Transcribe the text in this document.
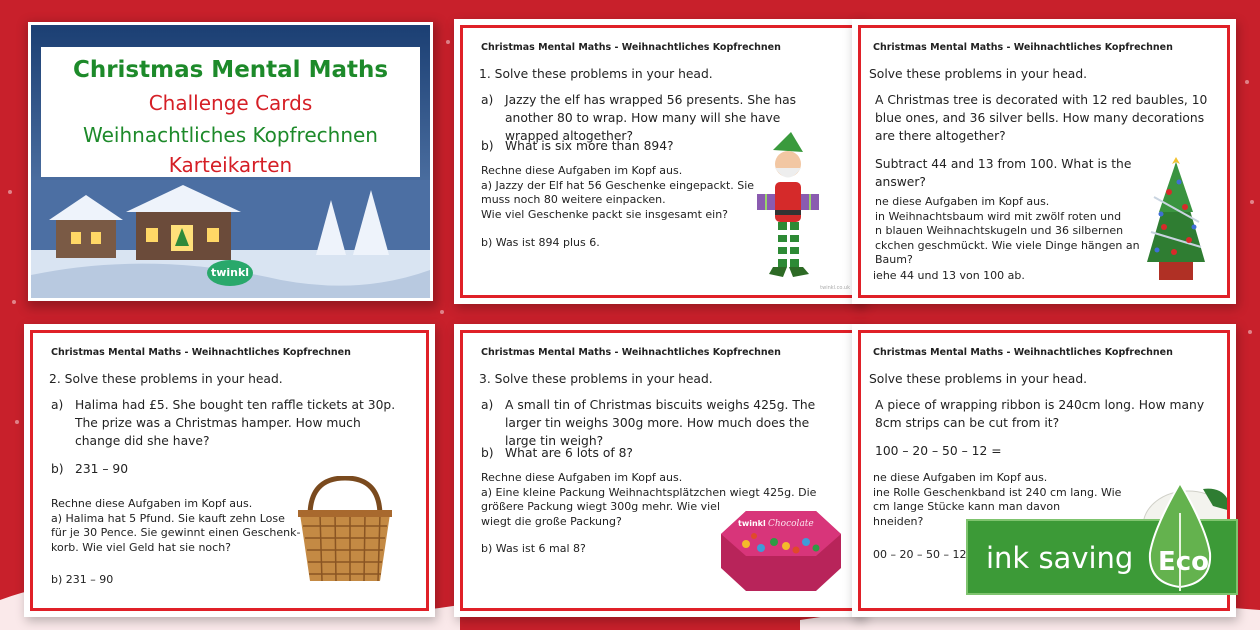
Christmas Mental Maths
Challenge Cards
Weihnachtliches Kopfrechnen
Karteikarten
twinkl
Christmas Mental Maths - Weihnachtliches Kopfrechnen
1. Solve these problems in your head.
a) Jazzy the elf has wrapped 56 presents. She has another 80 to wrap. How many will she have wrapped altogether?
b) What is six more than 894?
Rechne diese Aufgaben im Kopf aus.
a) Jazzy der Elf hat 56 Geschenke eingepackt. Sie
muss noch 80 weitere einpacken.
Wie viel Geschenke packt sie insgesamt ein?
b) Was ist 894 plus 6.
twinkl.co.uk
Christmas Mental Maths - Weihnachtliches Kopfrechnen
Solve these problems in your head.
A Christmas tree is decorated with 12 red baubles, 10 blue ones, and 36 silver bells. How many decorations are there altogether?
Subtract 44 and 13 from 100. What is the answer?
ne diese Aufgaben im Kopf aus.
in Weihnachtsbaum wird mit zwölf roten und
n blauen Weihnachtskugeln und 36 silbernen
ckchen geschmückt. Wie viele Dinge hängen an
Baum?
iehe 44 und 13 von 100 ab.
Christmas Mental Maths - Weihnachtliches Kopfrechnen
2. Solve these problems in your head.
a) Halima had £5. She bought ten raffle tickets at 30p. The prize was a Christmas hamper. How much change did she have?
b) 231 – 90
Rechne diese Aufgaben im Kopf aus.
a) Halima hat 5 Pfund. Sie kauft zehn Lose
für je 30 Pence. Sie gewinnt einen Geschenk-
korb. Wie viel Geld hat sie noch?
b) 231 – 90
Christmas Mental Maths - Weihnachtliches Kopfrechnen
3. Solve these problems in your head.
a) A small tin of Christmas biscuits weighs 425g. The larger tin weighs 300g more. How much does the large tin weigh?
b) What are 6 lots of 8?
Rechne diese Aufgaben im Kopf aus.
a) Eine kleine Packung Weihnachtsplätzchen wiegt 425g. Die
größere Packung wiegt 300g mehr. Wie viel
wiegt die große Packung?
b) Was ist 6 mal 8?
twinkl Chocolate
Christmas Mental Maths - Weihnachtliches Kopfrechnen
Solve these problems in your head.
A piece of wrapping ribbon is 240cm long. How many 8cm strips can be cut from it?
100 – 20 – 50 – 12 =
ne diese Aufgaben im Kopf aus.
ine Rolle Geschenkband ist 240 cm lang. Wie
cm lange Stücke kann man davon
hneiden?
00 – 20 – 50 – 12 ink saving Eco
